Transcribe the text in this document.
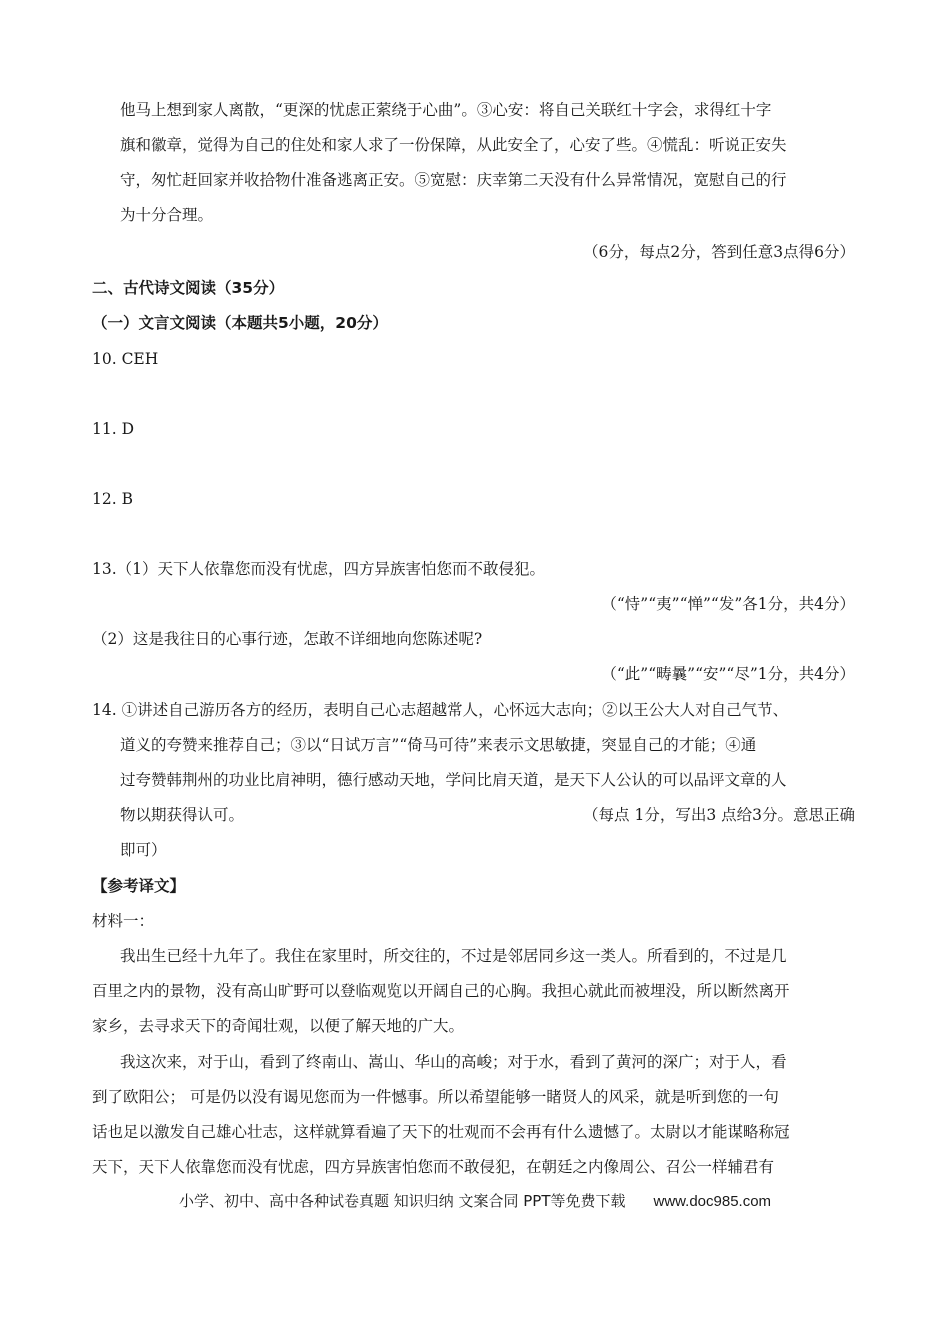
他马上想到家人离散，“更深的忧虑正萦绕于心曲”。③心安：将自己关联红十字会，求得红十字
旗和徽章，觉得为自己的住处和家人求了一份保障，从此安全了，心安了些。④慌乱：听说正安失
守，匆忙赶回家并收拾物什准备逃离正安。⑤宽慰：庆幸第二天没有什么异常情况，宽慰自己的行
为十分合理。
（6分，每点2分，答到任意3点得6分）
二、古代诗文阅读（35分）
（一）文言文阅读（本题共5小题，20分）
10. CEH
11. D
12. B
13.（1）天下人依靠您而没有忧虑，四方异族害怕您而不敢侵犯。
（“恃”“夷”“惮”“发”各1分，共4分）
（2）这是我往日的心事行迹，怎敢不详细地向您陈述呢?
（“此”“畴曩”“安”“尽”1分，共4分）
14. ①讲述自己游历各方的经历，表明自己心志超越常人，心怀远大志向；②以王公大人对自己气节、
道义的夸赞来推荐自己；③以“日试万言”“倚马可待”来表示文思敏捷，突显自己的才能；④通
过夸赞韩荆州的功业比肩神明，德行感动天地，学问比肩天道，是天下人公认的可以品评文章的人
物以期获得认可。	（每点 1分，写出3 点给3分。意思正确
即可）
【参考译文】
材料一：
我出生已经十九年了。我住在家里时，所交往的，不过是邻居同乡这一类人。所看到的，不过是几
百里之内的景物，没有高山旷野可以登临观览以开阔自己的心胸。我担心就此而被埋没，所以断然离开
家乡，去寻求天下的奇闻壮观，以便了解天地的广大。
我这次来，对于山，看到了终南山、嵩山、华山的高峻；对于水，看到了黄河的深广；对于人，看
到了欧阳公； 可是仍以没有谒见您而为一件憾事。所以希望能够一睹贤人的风采，就是听到您的一句
话也足以激发自己雄心壮志，这样就算看遍了天下的壮观而不会再有什么遗憾了。太尉以才能谋略称冠
天下，天下人依靠您而没有忧虑，四方异族害怕您而不敢侵犯，在朝廷之内像周公、召公一样辅君有
小学、初中、高中各种试卷真题 知识归纳 文案合同 PPT等免费下载 www.doc985.com
